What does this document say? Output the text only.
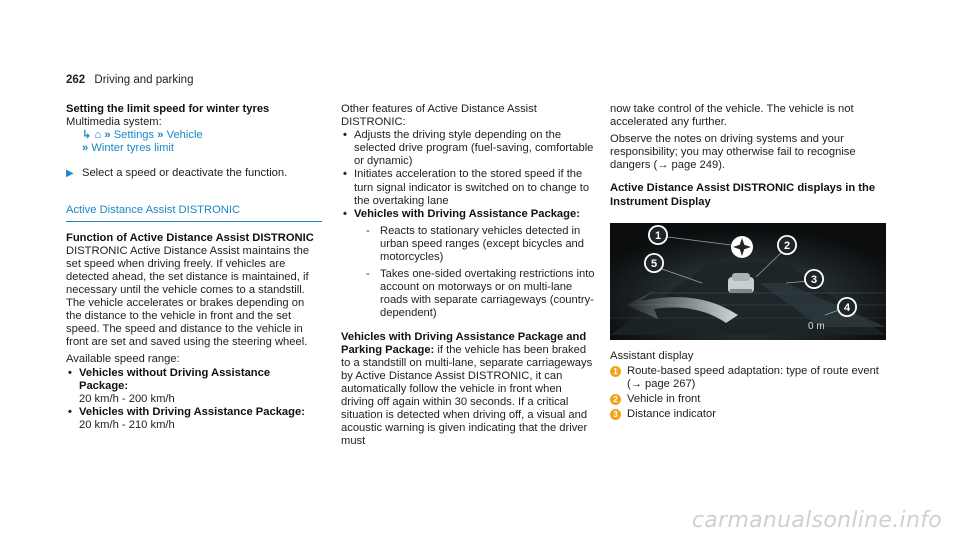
262 Driving and parking

Setting the limit speed for winter tyres

Multimedia system:

↳ ⌂ » Settings » Vehicle
» Winter tyres limit
▶ Select a speed or deactivate the function.

Active Distance Assist DISTRONIC

Function of Active Distance Assist DISTRONIC

DISTRONIC Active Distance Assist maintains the set speed when driving freely. If vehicles are detected ahead, the set distance is maintained, if necessary until the vehicle comes to a standstill. The vehicle accelerates or brakes depending on the distance to the vehicle in front and the set speed. The speed and distance to the vehicle in front are set and saved using the steering wheel.

Available speed range:

• Vehicles without Driving Assistance Package:
20 km/h - 200 km/h
• Vehicles with Driving Assistance Package:
20 km/h - 210 km/h

Other features of Active Distance Assist DISTRONIC:

• Adjusts the driving style depending on the selected drive program (fuel-saving, comfortable or dynamic)
• Initiates acceleration to the stored speed if the turn signal indicator is switched on to change to the overtaking lane
• Vehicles with Driving Assistance Package:
- Reacts to stationary vehicles detected in urban speed ranges (except bicycles and motorcycles)
- Takes one-sided overtaking restrictions into account on motorways or on multi-lane roads with separate carriageways (country-dependent)

Vehicles with Driving Assistance Package and Parking Package: if the vehicle has been braked to a standstill on multi-lane, separate carriageways by Active Distance Assist DISTRONIC, it can automatically follow the vehicle in front when driving off again within 30 seconds. If a critical situation is detected when driving off, a visual and acoustic warning is given indicating that the driver must

now take control of the vehicle. The vehicle is not accelerated any further.

Observe the notes on driving systems and your responsibility; you may otherwise fail to recognise dangers (→ page 249).

Active Distance Assist DISTRONIC displays in the Instrument Display

1
2
3
4
5
0 m

Assistant display

1 Route-based speed adaptation: type of route event (→ page 267)
2 Vehicle in front
3 Distance indicator
carmanualsonline.info
